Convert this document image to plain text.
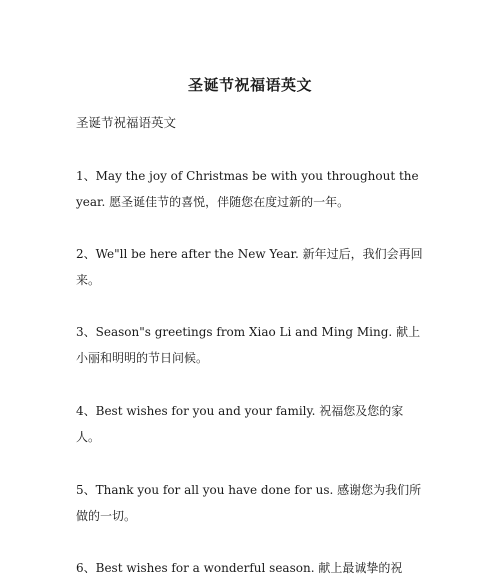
圣诞节祝福语英文
圣诞节祝福语英文
1、May the joy of Christmas be with you throughout the year. 愿圣诞佳节的喜悦，伴随您在度过新的一年。
2、We"ll be here after the New Year. 新年过后，我们会再回来。
3、Season"s greetings from Xiao Li and Ming Ming. 献上小丽和明明的节日问候。
4、Best wishes for you and your family. 祝福您及您的家人。
5、Thank you for all you have done for us. 感谢您为我们所做的一切。
6、Best wishes for a wonderful season. 献上最诚挚的祝
